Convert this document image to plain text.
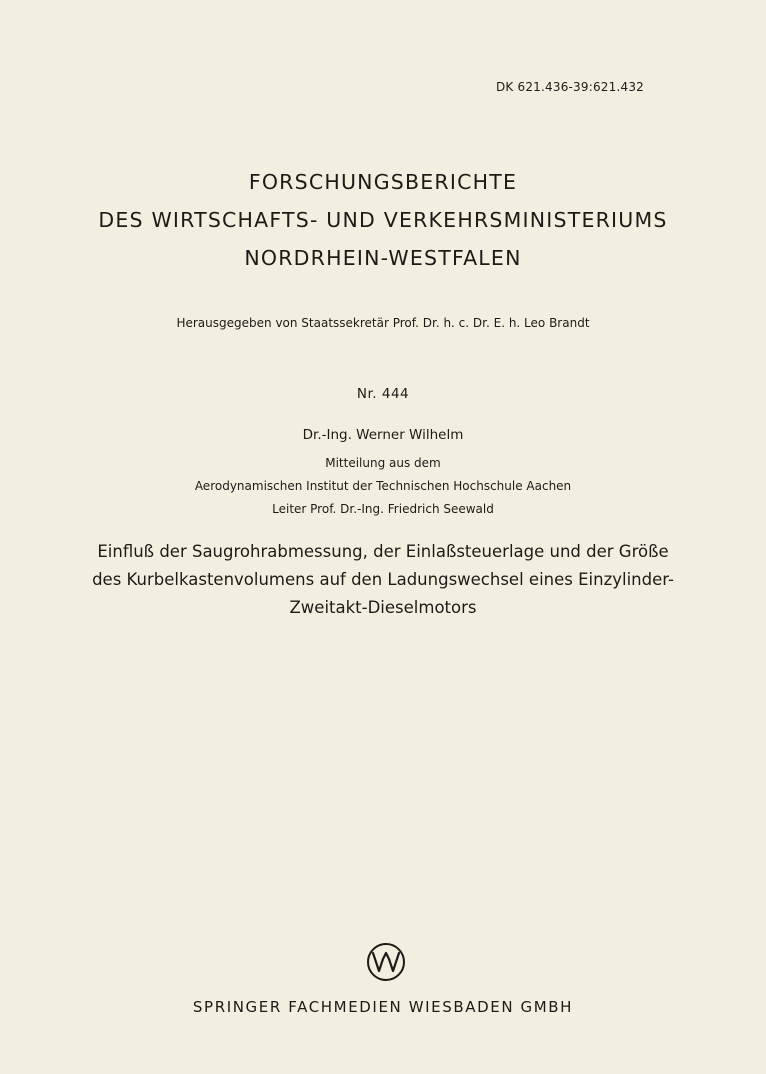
DK 621.436-39:621.432
FORSCHUNGSBERICHTE
DES WIRTSCHAFTS- UND VERKEHRSMINISTERIUMS
NORDRHEIN-WESTFALEN
Herausgegeben von Staatssekretär Prof. Dr. h. c. Dr. E. h. Leo Brandt
Nr. 444
Dr.-Ing. Werner Wilhelm
Mitteilung aus dem
Aerodynamischen Institut der Technischen Hochschule Aachen
Leiter Prof. Dr.-Ing. Friedrich Seewald
Einfluß der Saugrohrabmessung, der Einlaßsteuerlage und der Größe
des Kurbelkastenvolumens auf den Ladungswechsel eines Einzylinder-
Zweitakt-Dieselmotors
SPRINGER FACHMEDIEN WIESBADEN GMBH
